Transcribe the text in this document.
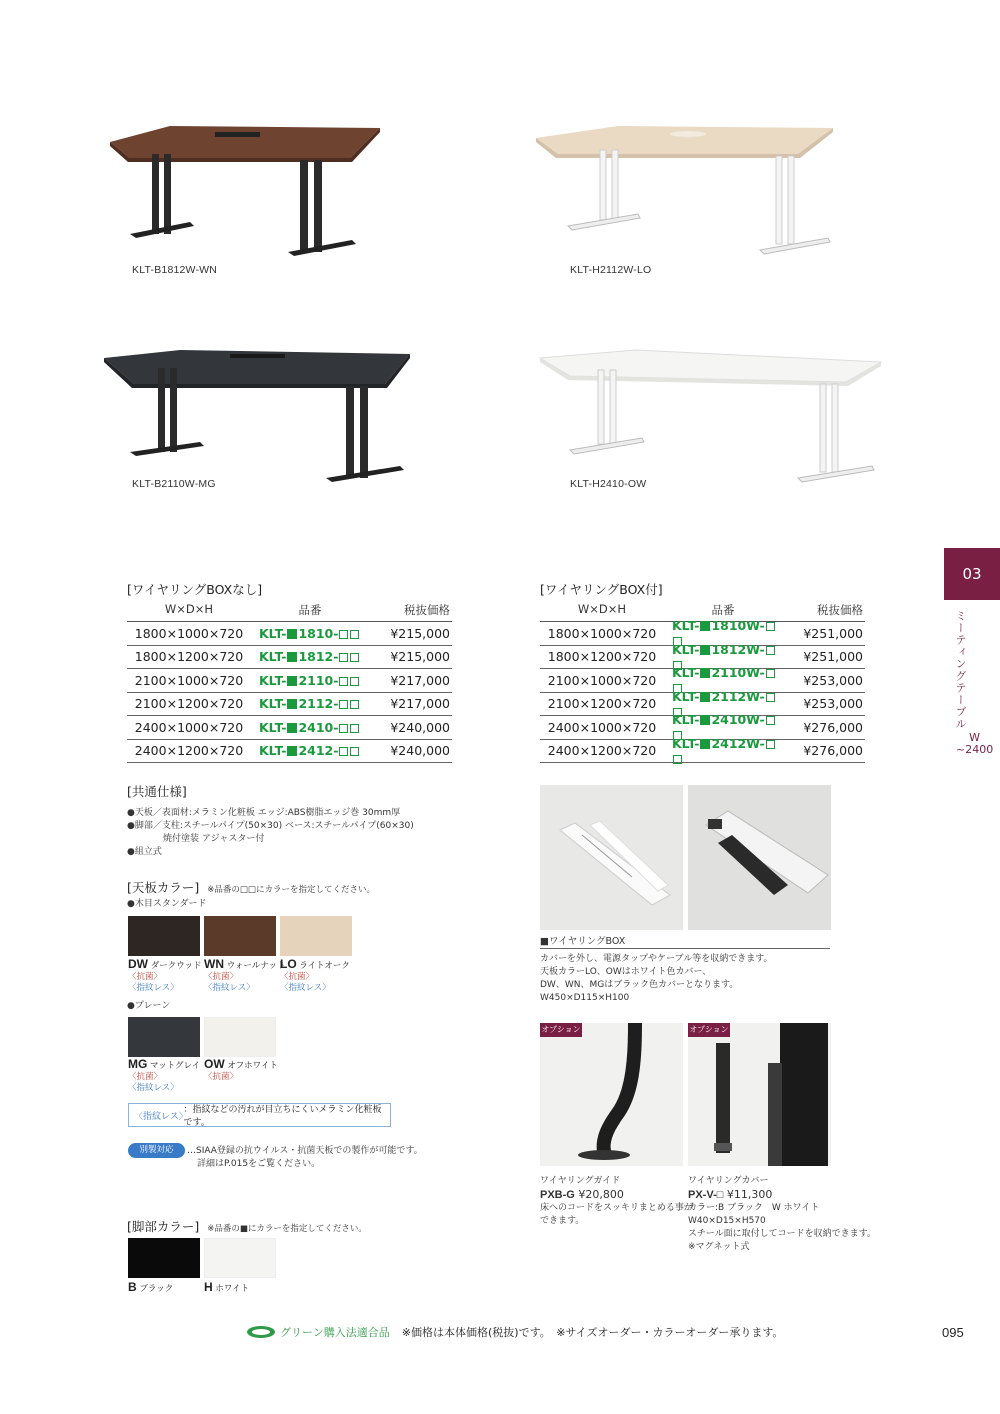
KLT-B1812W-WN	KLT-H2112W-LO
KLT-B2110W-MG	KLT-H2410-OW
[ワイヤリングBOXなし]
W×D×H	品番	税抜価格
1800×1000×720	KLT- 1810-	¥215,000
1800×1200×720	KLT- 1812-	¥215,000
2100×1000×720	KLT- 2110-	¥217,000
2100×1200×720	KLT- 2112-	¥217,000
2400×1000×720	KLT- 2410-	¥240,000
2400×1200×720	KLT- 2412-	¥240,000
[ワイヤリングBOX付]
W×D×H	品番	税抜価格
1800×1000×720	KLT- 1810W-	¥251,000
1800×1200×720	KLT- 1812W-	¥251,000
2100×1000×720	KLT- 2110W-	¥253,000
2100×1200×720	KLT- 2112W-	¥253,000
2400×1000×720	KLT- 2410W-	¥276,000
2400×1200×720	KLT- 2412W-	¥276,000
03
ミーティングテーブル
W
~2400
[共通仕様]
●天板／表面材:メラミン化粧板 エッジ:ABS樹脂エッジ巻 30mm厚
●脚部／支柱:スチールパイプ(50×30) ベース:スチールパイプ(60×30)
焼付塗装 アジャスター付
●組立式
[天板カラー] ※品番の□□にカラーを指定してください。
●木目スタンダード
DW ダークウッド
〈抗菌〉
〈指紋レス〉
WN ウォールナット
〈抗菌〉
〈指紋レス〉
LO ライトオーク
〈抗菌〉
〈指紋レス〉
●プレーン
MG マットグレイ
〈抗菌〉
〈指紋レス〉
OW オフホワイト
〈抗菌〉
〈指紋レス〉
：指紋などの汚れが目立ちにくいメラミン化粧板です。
別製対応	…SIAA登録の抗ウイルス・抗菌天板での製作が可能です。
詳細はP.015をご覧ください。
[脚部カラー] ※品番の■にカラーを指定してください。
B ブラック	H ホワイト
■ワイヤリングBOX
カバーを外し、電源タップやケーブル等を収納できます。
天板カラーLO、OWはホワイト色カバー、
DW、WN、MGはブラック色カバーとなります。
W450×D115×H100
オプション	オプション
ワイヤリングガイド
PXB-G ¥20,800
床へのコードをスッキリまとめる事が
できます。
ワイヤリングカバー
PX-V-□ ¥11,300
カラー:B ブラック　W ホワイト
W40×D15×H570
スチール面に取付してコードを収納できます。
※マグネット式
グリーン購入法適合品 ※価格は本体価格(税抜)です。　※サイズオーダー・カラーオーダー承ります。	095
